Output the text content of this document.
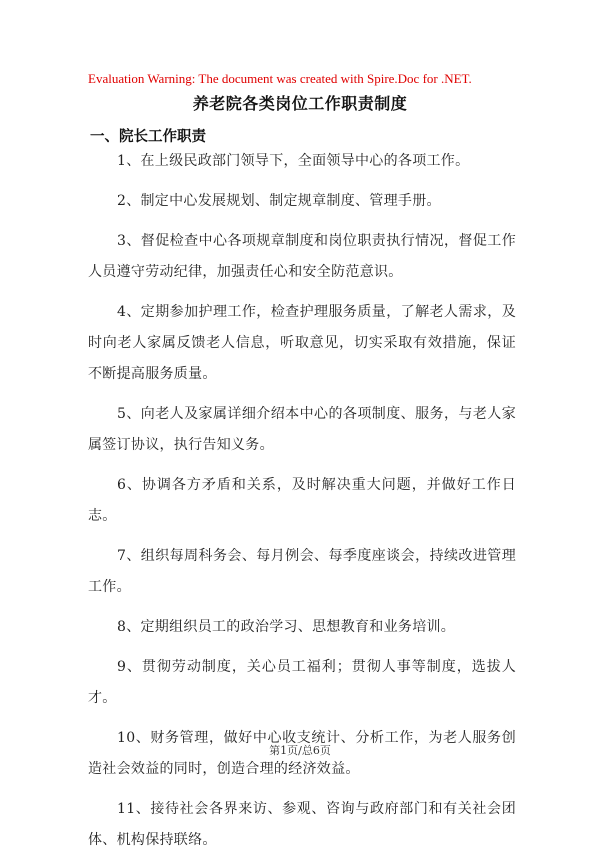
Evaluation Warning: The document was created with Spire.Doc for .NET.
养老院各类岗位工作职责制度
一、院长工作职责

1、在上级民政部门领导下，全面领导中心的各项工作。

2、制定中心发展规划、制定规章制度、管理手册。

3、督促检查中心各项规章制度和岗位职责执行情况，督促工作人员遵守劳动纪律，加强责任心和安全防范意识。

4、定期参加护理工作，检查护理服务质量，了解老人需求，及时向老人家属反馈老人信息，听取意见，切实采取有效措施，保证不断提高服务质量。

5、向老人及家属详细介绍本中心的各项制度、服务，与老人家属签订协议，执行告知义务。

6、协调各方矛盾和关系，及时解决重大问题，并做好工作日志。

7、组织每周科务会、每月例会、每季度座谈会，持续改进管理工作。

8、定期组织员工的政治学习、思想教育和业务培训。

9、贯彻劳动制度，关心员工福利；贯彻人事等制度，选拔人才。

10、财务管理，做好中心收支统计、分析工作，为老人服务创造社会效益的同时，创造合理的经济效益。

11、接待社会各界来访、参观、咨询与政府部门和有关社会团体、机构保持联络。

第1页/总6页
